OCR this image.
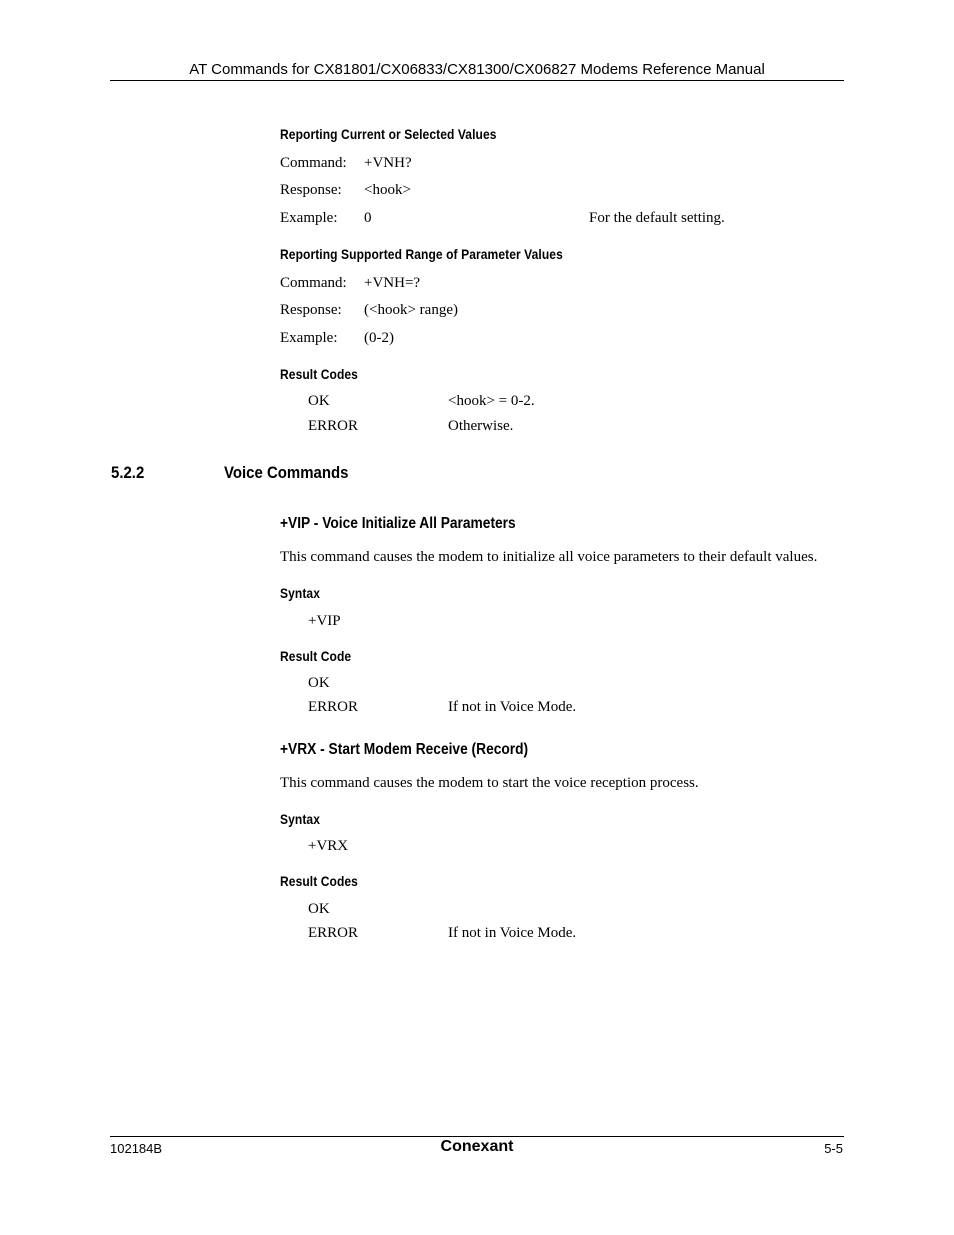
AT Commands for CX81801/CX06833/CX81300/CX06827 Modems Reference Manual
Reporting Current or Selected Values
Command: +VNH?
Response: <hook>
Example: 0	For the default setting.
Reporting Supported Range of Parameter Values
Command: +VNH=?
Response: (<hook> range)
Example: (0-2)
Result Codes
OK	<hook> = 0-2.
ERROR	Otherwise.
5.2.2	Voice Commands
+VIP - Voice Initialize All Parameters
This command causes the modem to initialize all voice parameters to their default values.
Syntax
+VIP
Result Code
OK
ERROR	If not in Voice Mode.
+VRX - Start Modem Receive (Record)
This command causes the modem to start the voice reception process.
Syntax
+VRX
Result Codes
OK
ERROR	If not in Voice Mode.
102184B	Conexant	5-5
